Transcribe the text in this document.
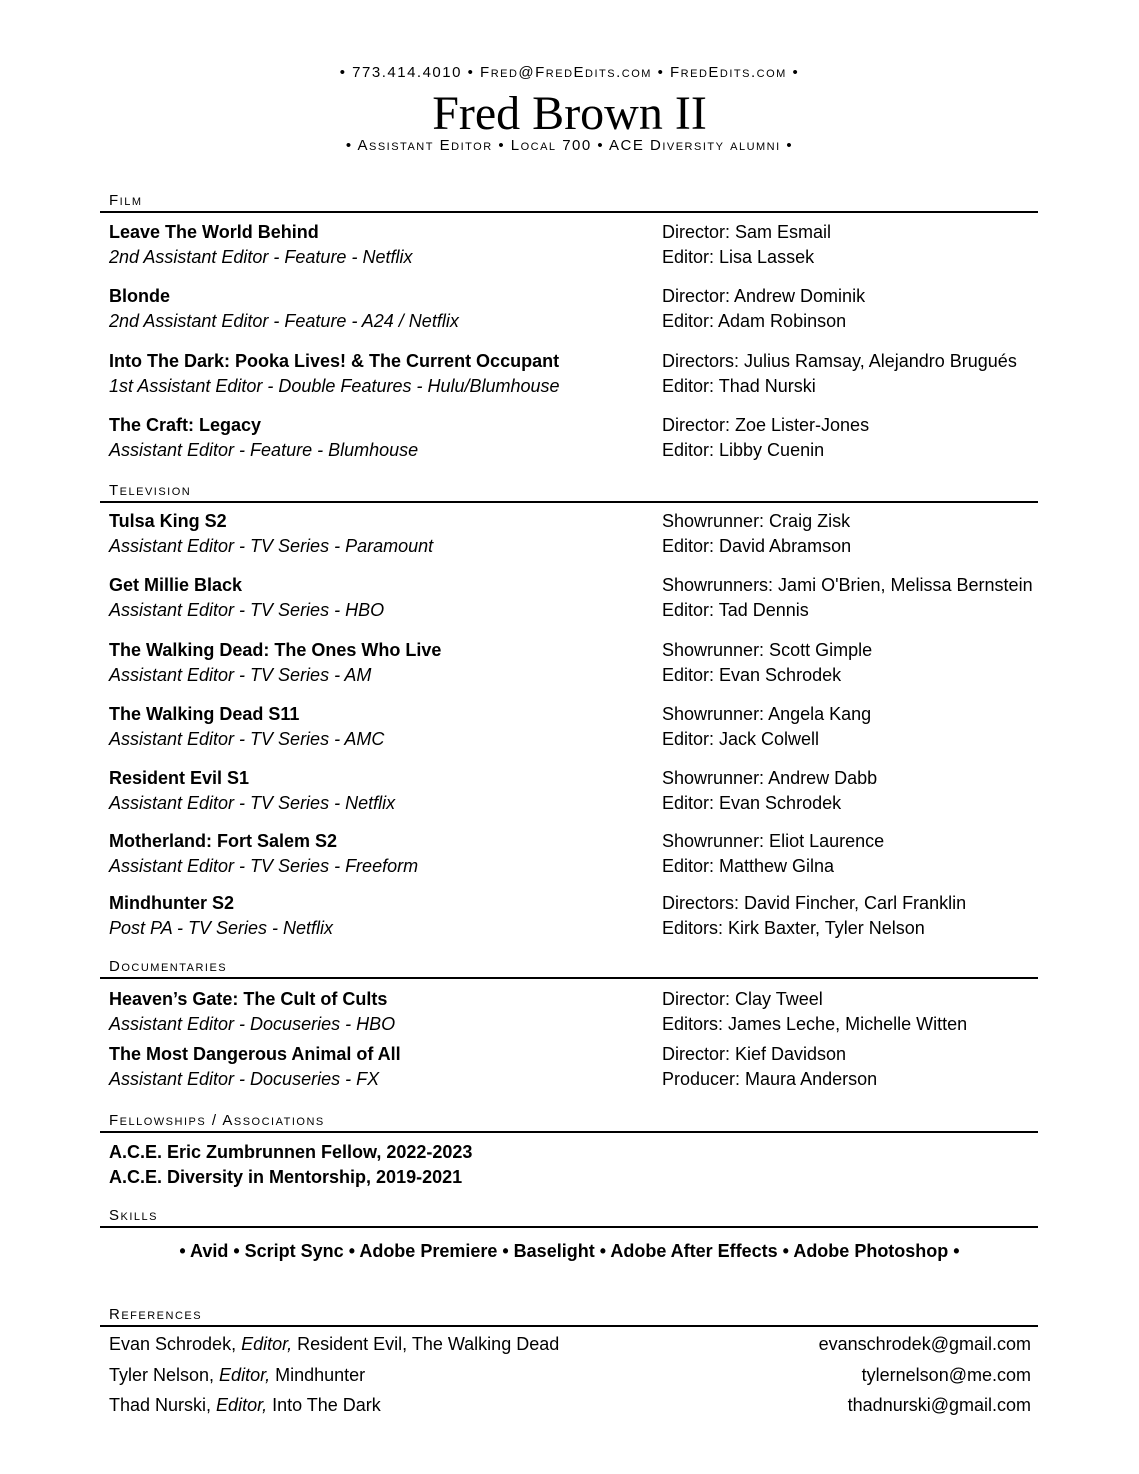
• 773.414.4010 • Fred@FredEdits.com • FredEdits.com •
Fred Brown II
• Assistant Editor • Local 700 • ACE Diversity alumni •
Film
Leave The World Behind
2nd Assistant Editor - Feature - Netflix
Director: Sam Esmail
Editor: Lisa Lassek
Blonde
2nd Assistant Editor - Feature - A24 / Netflix
Director: Andrew Dominik
Editor: Adam Robinson
Into The Dark: Pooka Lives! & The Current Occupant
1st Assistant Editor - Double Features - Hulu/Blumhouse
Directors: Julius Ramsay, Alejandro Brugués
Editor: Thad Nurski
The Craft: Legacy
Assistant Editor - Feature - Blumhouse
Director: Zoe Lister-Jones
Editor: Libby Cuenin
Television
Tulsa King S2
Assistant Editor - TV Series - Paramount
Showrunner: Craig Zisk
Editor: David Abramson
Get Millie Black
Assistant Editor - TV Series - HBO
Showrunners: Jami O'Brien, Melissa Bernstein
Editor: Tad Dennis
The Walking Dead: The Ones Who Live
Assistant Editor - TV Series - AM
Showrunner: Scott Gimple
Editor: Evan Schrodek
The Walking Dead S11
Assistant Editor - TV Series - AMC
Showrunner: Angela Kang
Editor: Jack Colwell
Resident Evil S1
Assistant Editor - TV Series - Netflix
Showrunner: Andrew Dabb
Editor: Evan Schrodek
Motherland: Fort Salem S2
Assistant Editor - TV Series - Freeform
Showrunner: Eliot Laurence
Editor: Matthew Gilna
Mindhunter S2
Post PA - TV Series - Netflix
Directors: David Fincher, Carl Franklin
Editors: Kirk Baxter, Tyler Nelson
Documentaries
Heaven’s Gate: The Cult of Cults
Assistant Editor - Docuseries - HBO
Director: Clay Tweel
Editors: James Leche, Michelle Witten
The Most Dangerous Animal of All
Assistant Editor - Docuseries - FX
Director: Kief Davidson
Producer: Maura Anderson
Fellowships / Associations
A.C.E. Eric Zumbrunnen Fellow, 2022-2023
A.C.E. Diversity in Mentorship, 2019-2021
Skills
• Avid • Script Sync • Adobe Premiere • Baselight • Adobe After Effects • Adobe Photoshop •
References
Evan Schrodek, Editor, Resident Evil, The Walking Dead	evanschrodek@gmail.com
Tyler Nelson, Editor, Mindhunter	tylernelson@me.com
Thad Nurski, Editor, Into The Dark	thadnurski@gmail.com
